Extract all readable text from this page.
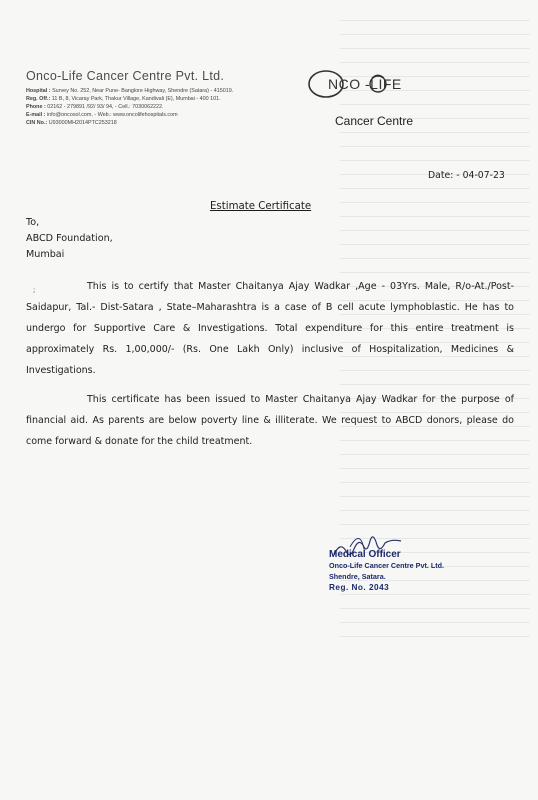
Onco-Life Cancer Centre Pvt. Ltd.
Hospital : Survey No. 252, Near Pune- Banglore Highway, Shendre (Satara) - 415019.
Reg. Off.: 11 B, 8, Vicaray Park, Thakur Village, Kandivali (E), Mumbai - 400 101.
Phone : 02162 - 279891 /92/ 93/ 94, - Cell.: 7030062222.
E-mail : info@oncosol.com, - Web.: www.oncolifehospitals.com
CIN No.: U93000MH2014PTC253218
NCO -LIFE
Cancer Centre
Date: - 04-07-23
Estimate Certificate
To,
ABCD Foundation,
Mumbai
;	This is to certify that Master Chaitanya Ajay Wadkar ,Age - 03Yrs. Male, R/o-At./Post- Saidapur, Tal.- Dist-Satara , State–Maharashtra is a case of B cell acute lymphoblastic. He has to undergo for Supportive Care & Investigations. Total expenditure for this entire treatment is approximately Rs. 1,00,000/- (Rs. One Lakh Only) inclusive of Hospitalization, Medicines & Investigations.
This certificate has been issued to Master Chaitanya Ajay Wadkar for the purpose of financial aid. As parents are below poverty line & illiterate. We request to ABCD donors, please do come forward & donate for the child treatment.
Medical Officer
Onco-Life Cancer Centre Pvt. Ltd.
Shendre, Satara.
Reg. No. 2043
